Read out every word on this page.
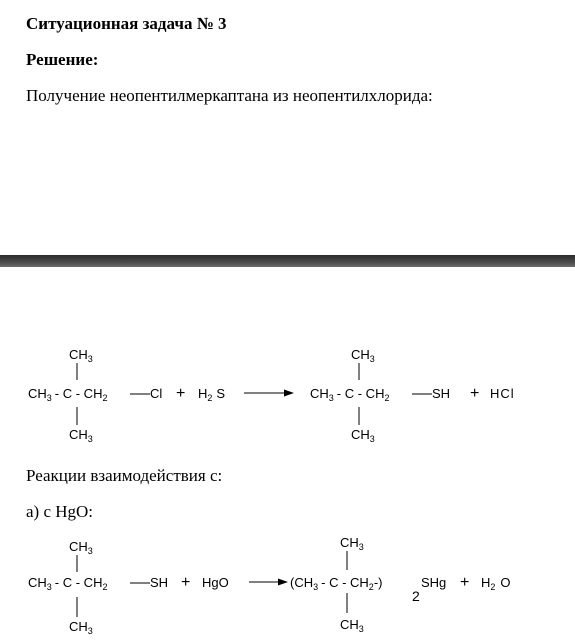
Ситуационная задача № 3
Решение:
Получение неопентилмеркаптана из неопентилхлорида:
$CH_3$
$CH_3$ - C - $CH_2$	Cl
$CH_3$
+ $H_2$ S
$CH_3$
$CH_3$ - C - $CH_2$	SH
$CH_3$
+ HCl
Реакции взаимодействия с:
а) с HgO:
$CH_3$
$CH_3$ - C - $CH_2$	SH
$CH_3$
+ HgO
$CH_3$
($CH_3$ - C - $CH_2-$)
2
SHg
$CH_3$
+ $H_2$ O
